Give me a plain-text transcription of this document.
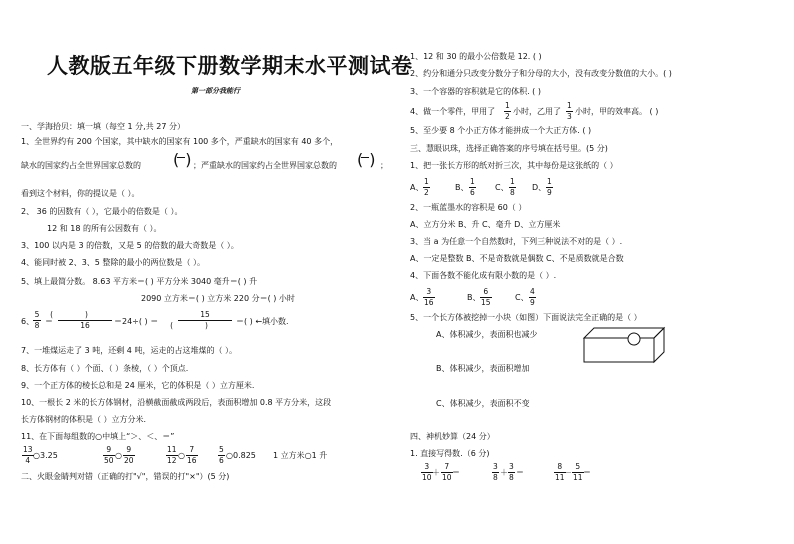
人教版五年级下册数学期末水平测试卷
第一部分我能行
一、学海拾贝：填一填（每空 1 分,共 27 分）
1、全世界约有 200 个国家，其中缺水的国家有 100 多个，严重缺水的国家有 40 多个，
缺水的国家约占全世界国家总数的 ( ) ；严重缺水的国家约占全世界国家总数的 ( ) ；
看到这个材料，你的提议是（ ）。
2、 36 的因数有（ ），它最小的倍数是（ ）。
12 和 18 的所有公因数有（ ）。
3、100 以内是 3 的倍数，又是 5 的倍数的最大奇数是（ ）。
4、能同时被 2、3、5 整除的最小的两位数是（ ）。
5、填上最简分数。 8.63 平方米＝( ) 平方分米 3040 毫升＝( ) 升
2090 立方米＝( ) 立方米 220 分＝( ) 小时
6、
5
8 ＝
()
16	＝24÷( ) ＝
15
()
＝( ) ←填小数.
7、一堆煤运走了 3 吨，还剩 4 吨，运走的占这堆煤的（ ）。
8、长方体有（ ）个面、（ ）条棱，（ ）个顶点.
9、一个正方体的棱长总和是 24 厘米，它的体积是（ ）立方厘米.
10、一根长 2 米的长方体钢材，沿横截面截成两段后，表面积增加 0.8 平方分米，这段
长方体钢材的体积是（ ）立方分米.
11、在下面每组数的○中填上“＞、＜、＝”
13
4 ○3.25
9
50 ○
9
20
11
12 ○
7
16
5
6 ○0.825 1 立方米○1 升
二、火眼金睛判对错（正确的打"√"，错误的打"×"）(5 分)
1、12 和 30 的最小公倍数是 12. ( )
2、约分和通分只改变分数分子和分母的大小，没有改变分数值的大小。( )
3、一个容器的容积就是它的体积. ( )
4、做一个零件，甲用了
1
2 小时，乙用了
1
3 小时，甲的效率高。 ( )
5、至少要 8 个小正方体才能拼成一个大正方体. ( )
三、慧眼识珠，选择正确答案的序号填在括号里。(5 分)
1、把一张长方形的纸对折三次，其中每份是这张纸的（ ）
A、
1
2	B、
1
6	C、
1
8 D、
1
9
2、一瓶蓝墨水的容积是 60（ ）
A、立方分米 B、升 C、毫升 D、立方厘米
3、当 a 为任意一个自然数时，下列三种说法不对的是（ ）.
A、一定是整数 B、不是奇数就是偶数 C、不是质数就是合数
4、下面各数不能化成有限小数的是（ ）.
A、
3
16	B、
6
15	C、
4
9
5、一个长方体被挖掉一小块（如图）下面说法完全正确的是（ ）
A、体积减少，表面积也减少
B、体积减少，表面积增加
C、体积减少，表面积不变
四、神机妙算（24 分）
1. 直接写得数.（6 分)
3
10 ＋
7
10 ＝
3
8 ＋
3
8 ＝
8
11 －
5
11 ＝
